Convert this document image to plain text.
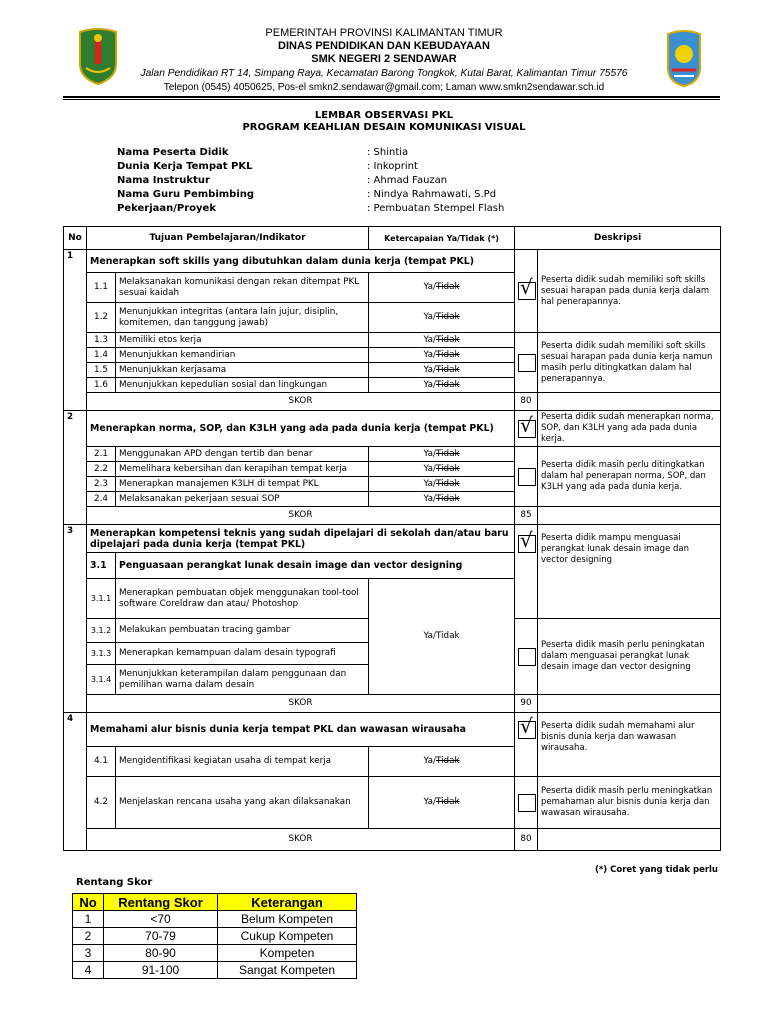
PEMERINTAH PROVINSI KALIMANTAN TIMUR
DINAS PENDIDIKAN DAN KEBUDAYAAN
SMK NEGERI 2 SENDAWAR
Jalan Pendidikan RT 14, Simpang Raya, Kecamatan Barong Tongkok, Kutai Barat, Kalimantan Timur 75576
Telepon (0545) 4050625, Pos-el smkn2.sendawar@gmail.com; Laman www.smkn2sendawar.sch.id
LEMBAR OBSERVASI PKL
PROGRAM KEAHLIAN DESAIN KOMUNIKASI VISUAL
Nama Peserta Didik	: Shintia
Dunia Kerja Tempat PKL	: Inkoprint
Nama Instruktur	: Ahmad Fauzan
Nama Guru Pembimbing	: Nindya Rahmawati, S.Pd
Pekerjaan/Proyek	: Pembuatan Stempel Flash
No	Tujuan Pembelajaran/Indikator		Ketercapaian Ya/Tidak (*)	Deskripsi	
1	Menerapkan soft skills yang dibutuhkan dalam dunia kerja (tempat PKL)			√	Peserta didik sudah memiliki soft skills sesuai harapan pada dunia kerja dalam hal penerapannya.
	1.1	Melaksanakan komunikasi dengan rekan ditempat PKL sesuai kaidah	Ya/Tidak		
	1.2	Menunjukkan integritas (antara lain jujur, disiplin, komitemen, dan tanggung jawab)	Ya/Tidak		
	1.3	Memiliki etos kerja	Ya/Tidak		Peserta didik sudah memiliki soft skills sesuai harapan pada dunia kerja namun masih perlu ditingkatkan dalam hal penerapannya.
	1.4	Menunjukkan kemandirian	Ya/Tidak		
	1.5	Menunjukkan kerjasama	Ya/Tidak		
	1.6	Menunjukkan kepedulian sosial dan lingkungan	Ya/Tidak		
	SKOR			80	
2	Menerapkan norma, SOP, dan K3LH yang ada pada dunia kerja (tempat PKL)			√	Peserta didik sudah menerapkan norma, SOP, dan K3LH yang ada pada dunia kerja.
	2.1	Menggunakan APD dengan tertib dan benar	Ya/Tidak		Peserta didik masih perlu ditingkatkan dalam hal penerapan norma, SOP, dan K3LH yang ada pada dunia kerja.
	2.2	Memelihara kebersihan dan kerapihan tempat kerja	Ya/Tidak		
	2.3	Menerapkan manajemen K3LH di tempat PKL	Ya/Tidak		
	2.4	Melaksanakan pekerjaan sesuai SOP	Ya/Tidak		
	SKOR			85	
3	Menerapkan kompetensi teknis yang sudah dipelajari di sekolah dan/atau baru dipelajari pada dunia kerja (tempat PKL)			√	Peserta didik mampu menguasai perangkat lunak desain image dan vector designing
	3.1	Penguasaan perangkat lunak desain image dan vector designing			
	3.1.1	Menerapkan pembuatan objek menggunakan tool-tool software Coreldraw dan atau/ Photoshop	Ya/Tidak		
	3.1.2	Melakukan pembuatan tracing gambar			Peserta didik masih perlu peningkatan dalam menguasai perangkat lunak desain image dan vector designing
	3.1.3	Menerapkan kemampuan dalam desain typografi			
	3.1.4	Menunjukkan keterampilan dalam penggunaan dan pemilihan warna dalam desain			
	SKOR			90	
4	Memahami alur bisnis dunia kerja tempat PKL dan wawasan wirausaha			√	Peserta didik sudah memahami alur bisnis dunia kerja dan wawasan wirausaha.
	4.1	Mengidentifikasi kegiatan usaha di tempat kerja	Ya/Tidak		
	4.2	Menjelaskan rencana usaha yang akan dilaksanakan	Ya/Tidak		Peserta didik masih perlu meningkatkan pemahaman alur bisnis dunia kerja dan wawasan wirausaha.
	SKOR			80	
(*) Coret yang tidak perlu
Rentang Skor
No	Rentang Skor	Keterangan
1	<70	Belum Kompeten
2	70-79	Cukup Kompeten
3	80-90	Kompeten
4	91-100	Sangat Kompeten
